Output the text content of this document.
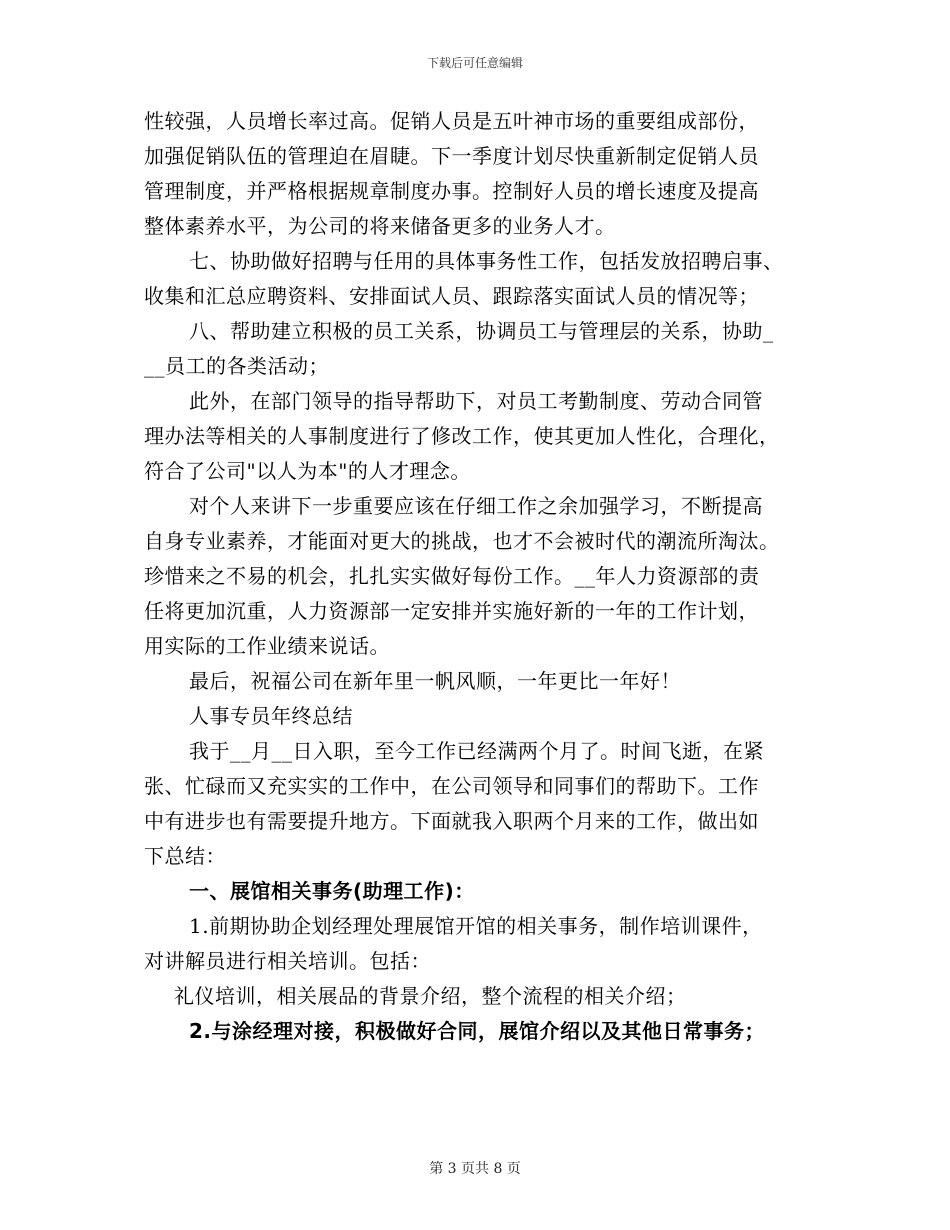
下载后可任意编辑

性较强，人员增长率过高。促销人员是五叶神市场的重要组成部份，

加强促销队伍的管理迫在眉睫。下一季度计划尽快重新制定促销人员

管理制度，并严格根据规章制度办事。控制好人员的增长速度及提高

整体素养水平，为公司的将来储备更多的业务人才。

七、协助做好招聘与任用的具体事务性工作，包括发放招聘启事、

收集和汇总应聘资料、安排面试人员、跟踪落实面试人员的情况等；

八、帮助建立积极的员工关系，协调员工与管理层的关系，协助_

__员工的各类活动；

此外，在部门领导的指导帮助下，对员工考勤制度、劳动合同管

理办法等相关的人事制度进行了修改工作，使其更加人性化，合理化，

符合了公司"以人为本"的人才理念。

对个人来讲下一步重要应该在仔细工作之余加强学习，不断提高

自身专业素养，才能面对更大的挑战，也才不会被时代的潮流所淘汰。

珍惜来之不易的机会，扎扎实实做好每份工作。__年人力资源部的责

任将更加沉重，人力资源部一定安排并实施好新的一年的工作计划，

用实际的工作业绩来说话。

最后，祝福公司在新年里一帆风顺，一年更比一年好！

人事专员年终总结

我于__月__日入职，至今工作已经满两个月了。时间飞逝，在紧

张、忙碌而又充实实的工作中，在公司领导和同事们的帮助下。工作

中有进步也有需要提升地方。下面就我入职两个月来的工作，做出如

下总结：

一、展馆相关事务(助理工作)：

1.前期协助企划经理处理展馆开馆的相关事务，制作培训课件，

对讲解员进行相关培训。包括：

礼仪培训，相关展品的背景介绍，整个流程的相关介绍；

2.与涂经理对接，积极做好合同，展馆介绍以及其他日常事务；

第 3 页共 8 页
